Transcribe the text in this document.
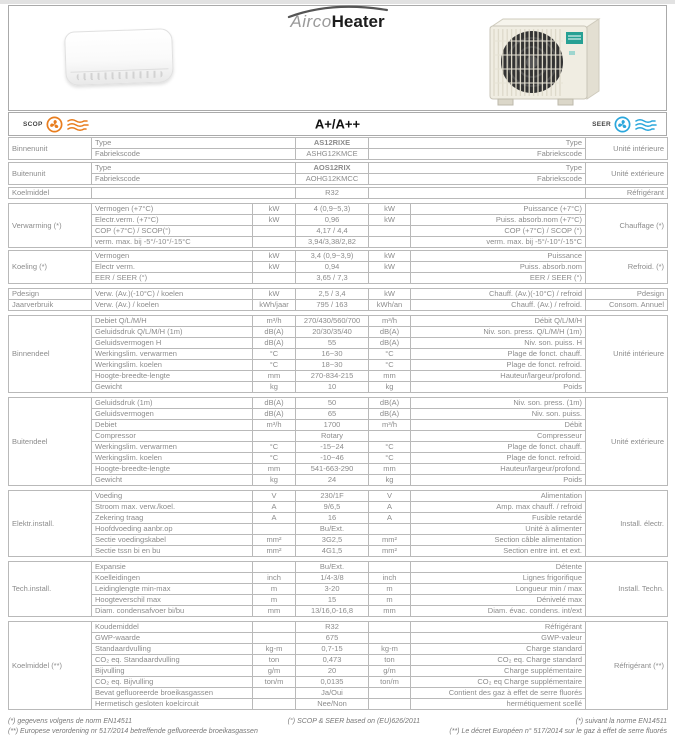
AircoHeater
SCOP	A+/A++	SEER
Binnenunit	Type	AS12RIXE	Type	Unité intérieure
	Fabriekscode	ASHG12KMCE	Fabriekscode	
Buitenunit	Type	AOS12RIX	Type	Unité extérieure
	Fabriekscode	AOHG12KMCC	Fabriekscode	
Koelmiddel		R32		Réfrigérant
Verwarming (*)	Vermogen (+7°C)	kW	4 (0,9~5,3)	kW	Puissance (+7°C)	Chauffage (*)
	Electr.verm. (+7°C)	kW	0,96	kW	Puiss. absorb.nom (+7°C)	
	COP (+7°C) / SCOP(°)		4,17 / 4,4		COP (+7°C) / SCOP (°)	
	verm. max. bij -5°/-10°/-15°C		3,94/3,38/2,82		verm. max. bij -5°/-10°/-15°C	
Koeling (*)	Vermogen	kW	3,4 (0,9~3,9)	kW	Puissance	Refroid. (*)
	Electr verm.	kW	0,94	kW	Puiss. absorb.nom	
	EER / SEER (°)		3,65 / 7,3		EER / SEER (°)	
Pdesign	Verw. (Av.)(-10°C) / koelen	kW	2,5 / 3,4	kW	Chauff. (Av.)(-10°C) / refroid	Pdesign
Jaarverbruik	Verw. (Av.) / koelen	kWh/jaar	795 / 163	kWh/an	Chauff. (Av.) / refroid.	Consom. Annuel
Binnendeel	Debiet Q/L/M/H	m³/h	270/430/560/700	m³/h	Débit Q/L/M/H	Unité intérieure
	Geluidsdruk Q/L/M/H (1m)	dB(A)	20/30/35/40	dB(A)	Niv. son. press. Q/L/M/H (1m)	
	Geluidsvermogen H	dB(A)	55	dB(A)	Niv. son. puiss. H	
	Werkingslim. verwarmen	°C	16~30	°C	Plage de fonct. chauff.	
	Werkingslim. koelen	°C	18~30	°C	Plage de fonct. refroid.	
	Hoogte-breedte-lengte	mm	270-834-215	mm	Hauteur/largeur/profond.	
	Gewicht	kg	10	kg	Poids	
Buitendeel	Geluidsdruk (1m)	dB(A)	50	dB(A)	Niv. son. press. (1m)	Unité extérieure
	Geluidsvermogen	dB(A)	65	dB(A)	Niv. son. puiss.	
	Debiet	m³/h	1700	m³/h	Débit	
	Compressor		Rotary		Compresseur	
	Werkingslim. verwarmen	°C	-15~24	°C	Plage de fonct. chauff.	
	Werkingslim. koelen	°C	-10~46	°C	Plage de fonct. refroid.	
	Hoogte-breedte-lengte	mm	541-663-290	mm	Hauteur/largeur/profond.	
	Gewicht	kg	24	kg	Poids	
Elektr.install.	Voeding	V	230/1F	V	Alimentation	Install. électr.
	Stroom max. verw./koel.	A	9/6,5	A	Amp. max chauff. / refroid	
	Zekering traag	A	16	A	Fusible retardé	
	Hoofdvoeding aanbr.op		Bu/Ext.		Unité à alimenter	
	Sectie voedingskabel	mm²	3G2,5	mm²	Section câble alimentation	
	Sectie tssn bi en bu	mm²	4G1,5	mm²	Section entre int. et ext.	
Tech.install.	Expansie		Bu/Ext.		Détente	Install. Techn.
	Koelleidingen	inch	1/4-3/8	inch	Lignes frigorifique	
	Leidinglengte min-max	m	3-20	m	Longueur min / max	
	Hoogteverschil max	m	15	m	Dénivelé max	
	Diam. condensafvoer bi/bu	mm	13/16,0-16,8	mm	Diam. évac. condens. int/ext	
Koelmiddel (**)	Koudemiddel		R32		Réfrigérant	Réfrigérant (**)
	GWP-waarde		675		GWP-valeur	
	Standaardvulling	kg-m	0,7-15	kg-m	Charge standard	
	CO₂ eq. Standaardvulling	ton	0,473	ton	CO₂ eq. Charge standard	
	Bijvulling	g/m	20	g/m	Charge supplémentaire	
	CO₂ eq. Bijvulling	ton/m	0,0135	ton/m	CO₂ eq Charge supplémentaire	
	Bevat gefluoreerde broeikasgassen		Ja/Oui		Contient des gaz à effet de serre fluorés	
	Hermetisch gesloten koelcircuit		Nee/Non		hermétiquement scellé	
(*) gegevens volgens de norm EN14511	(°) SCOP & SEER based on (EU)626/2011	(*) suivant la norme EN14511
(**) Europese verordening nr 517/2014 betreffende gefluoreerde broeikasgassen	(**) Le décret Européen n° 517/2014 sur le gaz à effet de serre fluorés
